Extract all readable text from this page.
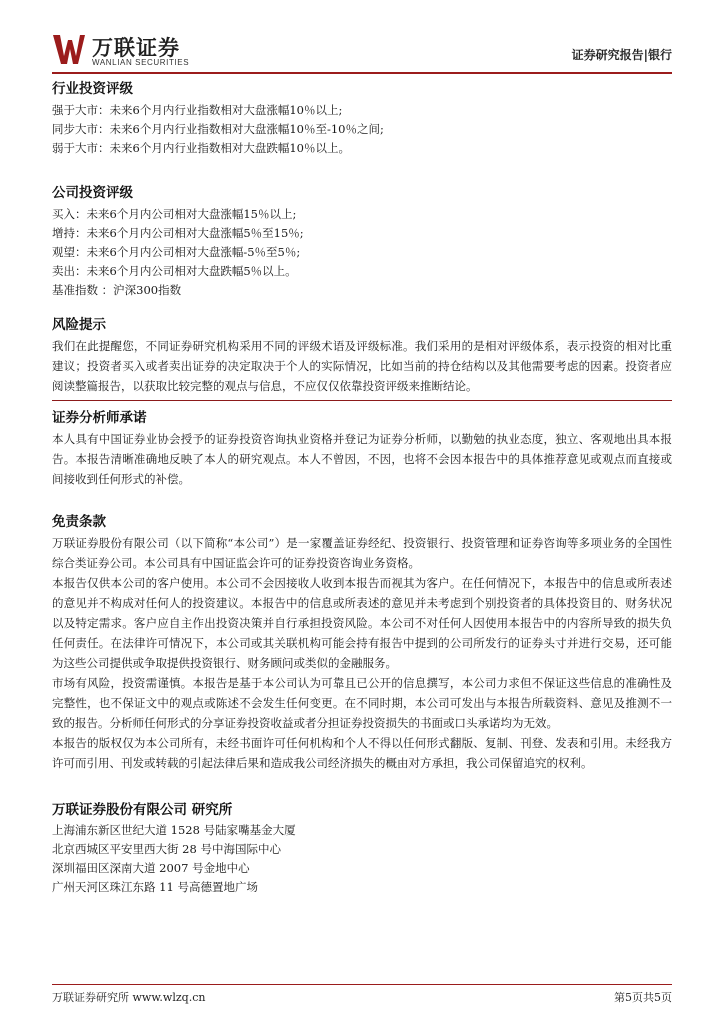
万联证券
WANLIAN SECURITIES
证券研究报告|银行
行业投资评级
强于大市：未来6个月内行业指数相对大盘涨幅10％以上;
同步大市：未来6个月内行业指数相对大盘涨幅10％至-10％之间;
弱于大市：未来6个月内行业指数相对大盘跌幅10％以上。
公司投资评级
买入：未来6个月内公司相对大盘涨幅15％以上;
增持：未来6个月内公司相对大盘涨幅5％至15％;
观望：未来6个月内公司相对大盘涨幅-5％至5％;
卖出：未来6个月内公司相对大盘跌幅5％以上。
基准指数 ：沪深300指数
风险提示
我们在此提醒您，不同证券研究机构采用不同的评级术语及评级标准。我们采用的是相对评级体系，表示投资的相对比重建议；投资者买入或者卖出证券的决定取决于个人的实际情况，比如当前的持仓结构以及其他需要考虑的因素。投资者应阅读整篇报告，以获取比较完整的观点与信息，不应仅仅依靠投资评级来推断结论。
证券分析师承诺
本人具有中国证券业协会授予的证券投资咨询执业资格并登记为证券分析师，以勤勉的执业态度，独立、客观地出具本报告。本报告清晰准确地反映了本人的研究观点。本人不曾因，不因，也将不会因本报告中的具体推荐意见或观点而直接或间接收到任何形式的补偿。
免责条款
万联证券股份有限公司（以下简称“本公司”）是一家覆盖证券经纪、投资银行、投资管理和证券咨询等多项业务的全国性综合类证券公司。本公司具有中国证监会许可的证券投资咨询业务资格。
本报告仅供本公司的客户使用。本公司不会因接收人收到本报告而视其为客户。在任何情况下，本报告中的信息或所表述的意见并不构成对任何人的投资建议。本报告中的信息或所表述的意见并未考虑到个别投资者的具体投资目的、财务状况以及特定需求。客户应自主作出投资决策并自行承担投资风险。本公司不对任何人因使用本报告中的内容所导致的损失负任何责任。在法律许可情况下，本公司或其关联机构可能会持有报告中提到的公司所发行的证券头寸并进行交易，还可能为这些公司提供或争取提供投资银行、财务顾问或类似的金融服务。
市场有风险，投资需谨慎。本报告是基于本公司认为可靠且已公开的信息撰写，本公司力求但不保证这些信息的准确性及完整性，也不保证文中的观点或陈述不会发生任何变更。在不同时期，本公司可发出与本报告所载资料、意见及推测不一致的报告。分析师任何形式的分享证券投资收益或者分担证券投资损失的书面或口头承诺均为无效。
本报告的版权仅为本公司所有，未经书面许可任何机构和个人不得以任何形式翻版、复制、刊登、发表和引用。未经我方许可而引用、刊发或转载的引起法律后果和造成我公司经济损失的概由对方承担，我公司保留追究的权利。
万联证券股份有限公司 研究所
上海浦东新区世纪大道 1528 号陆家嘴基金大厦
北京西城区平安里西大街 28 号中海国际中心
深圳福田区深南大道 2007 号金地中心
广州天河区珠江东路 11 号高德置地广场
万联证券研究所 www.wlzq.cn	第5页共5页
